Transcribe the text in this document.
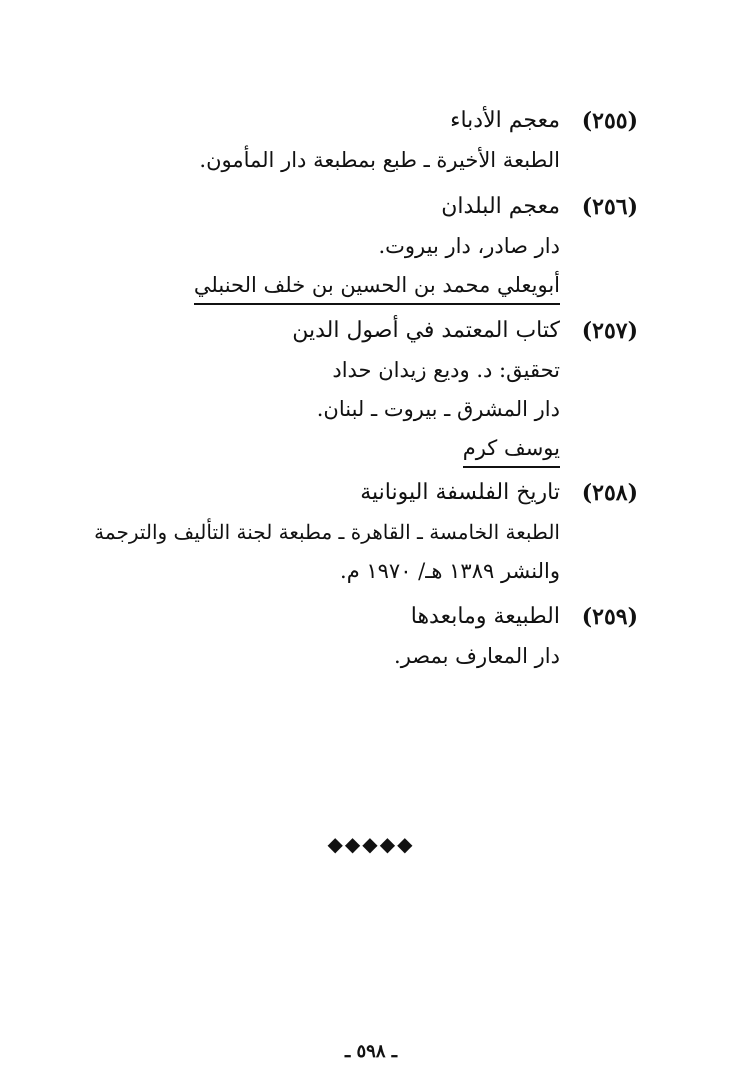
(٢٥٥)
معجم الأدباء
الطبعة الأخيرة ـ طبع بمطبعة دار المأمون.
(٢٥٦)
معجم البلدان
دار صادر، دار بيروت.
أبويعلي محمد بن الحسين بن خلف الحنبلي
(٢٥٧)
كتاب المعتمد في أصول الدين
تحقيق: د. وديع زيدان حداد
دار المشرق ـ بيروت ـ لبنان.
يوسف كرم
(٢٥٨)
تاريخ الفلسفة اليونانية
الطبعة الخامسة ـ القاهرة ـ مطبعة لجنة التأليف والترجمة
والنشر ١٣٨٩ هـ/ ١٩٧٠ م.
(٢٥٩)
الطبيعة ومابعدها
دار المعارف بمصر.
◆◆◆◆◆
ـ ٥٩٨ ـ
